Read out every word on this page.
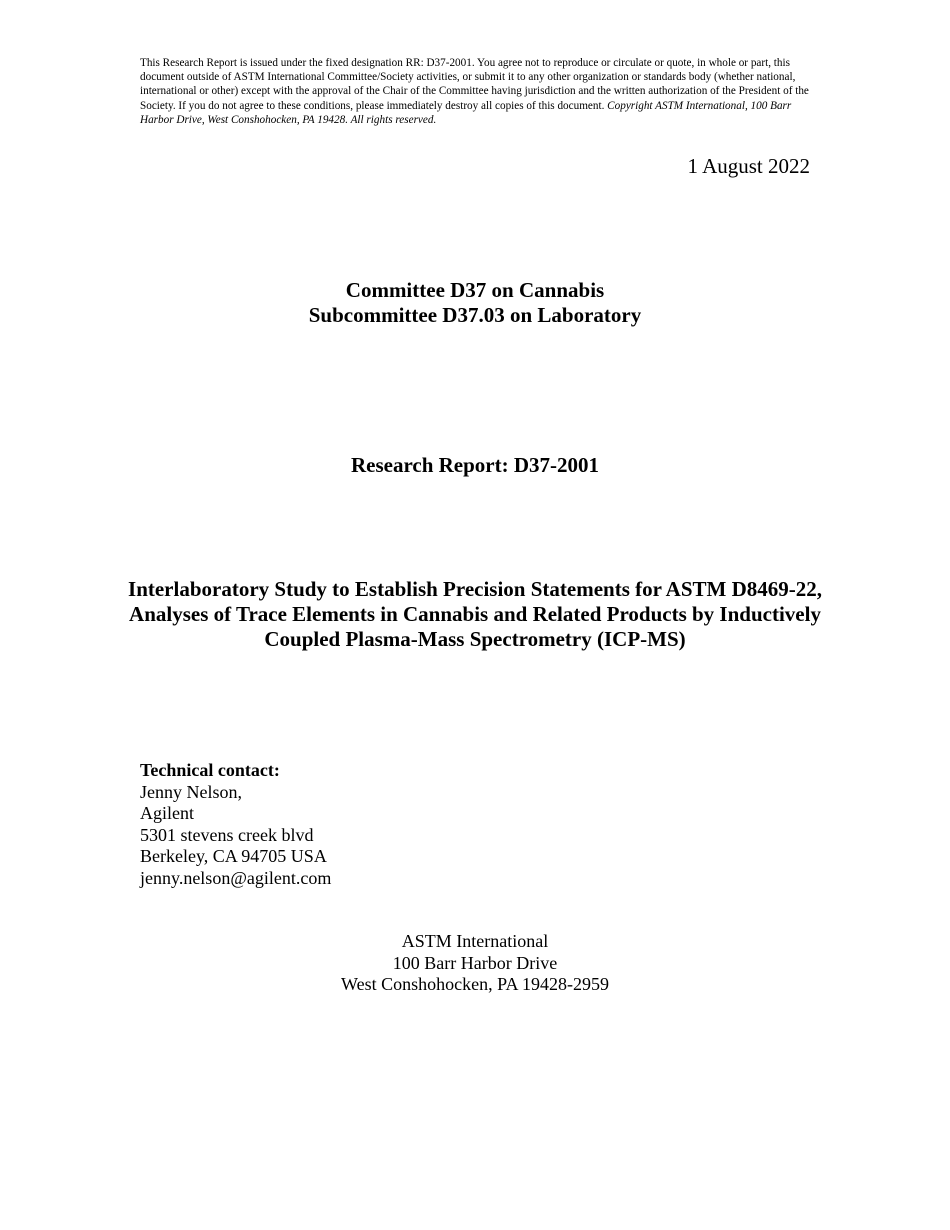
This Research Report is issued under the fixed designation RR: D37-2001. You agree not to reproduce or circulate or quote, in whole or part, this document outside of ASTM International Committee/Society activities, or submit it to any other organization or standards body (whether national, international or other) except with the approval of the Chair of the Committee having jurisdiction and the written authorization of the President of the Society. If you do not agree to these conditions, please immediately destroy all copies of this document. Copyright ASTM International, 100 Barr Harbor Drive, West Conshohocken, PA 19428. All rights reserved.

1 August 2022

Committee D37 on Cannabis
Subcommittee D37.03 on Laboratory
Research Report: D37-2001
Interlaboratory Study to Establish Precision Statements for ASTM D8469-22, Analyses of Trace Elements in Cannabis and Related Products by Inductively Coupled Plasma-Mass Spectrometry (ICP-MS)
Technical contact:
Jenny Nelson,
Agilent
5301 stevens creek blvd
Berkeley, CA 94705 USA
jenny.nelson@agilent.com
ASTM International
100 Barr Harbor Drive
West Conshohocken, PA 19428-2959
